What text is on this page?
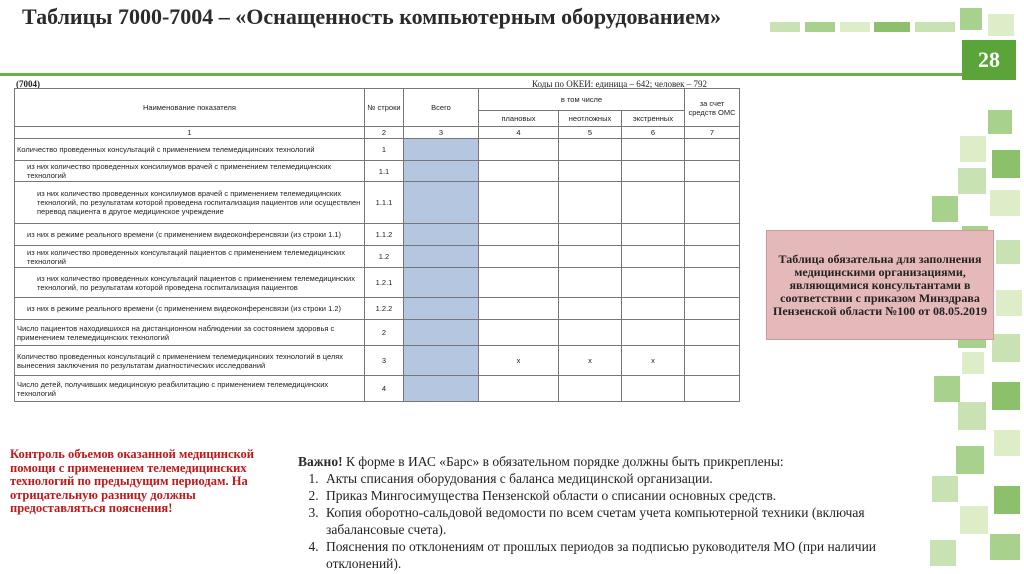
Таблицы 7000-7004 – «Оснащенность компьютерным оборудованием»
28
(7004)	Коды по ОКЕИ: единица – 642; человек – 792
Наименование показателя	№ строки	Всего	в том числе			за счет средств ОМС
			плановых	неотложных	экстренных	
1	2	3	4	5	6	7
Количество проведенных консультаций с применением телемедицинских технологий	1					
из них количество проведенных консилиумов врачей с применением телемедицинских технологий	1.1					
из них количество проведенных консилиумов врачей с применением телемедицинских технологий, по результатам которой проведена госпитализация пациентов или осуществлен перевод пациента в другое медицинское учреждение	1.1.1					
из них в режиме реального времени (с применением видеоконференсвязи (из строки 1.1)	1.1.2					
из них количество проведенных консультаций пациентов с применением телемедицинских технологий	1.2					
из них количество проведенных консультаций пациентов с применением телемедицинских технологий, по результатам которой проведена госпитализация пациентов	1.2.1					
из них в режиме реального времени (с применением видеоконференсвязи (из строки 1.2)	1.2.2					
Число пациентов находившихся на дистанционном наблюдении за состоянием здоровья с применением телемедицинских технологий	2					
Количество проведенных консультаций с применением телемедицинских технологий в целях вынесения заключения по результатам диагностических исследований	3		x	x	x	
Число детей, получивших медицинскую реабилитацию с применением телемедицинских технологий	4					
Таблица обязательна для заполнения медицинскими организациями, являющимися консультантами в соответствии с приказом Минздрава Пензенской области №100 от 08.05.2019
Контроль объемов оказанной медицинской помощи с применением телемедицинских технологий по предыдущим периодам. На отрицательную разницу должны предоставляться пояснения!
Важно! К форме в ИАС «Барс» в обязательном порядке должны быть прикреплены:
1. Акты списания оборудования с баланса медицинской организации.
2. Приказ Мингосимущества Пензенской области о списании основных средств.
3. Копия оборотно-сальдовой ведомости по всем счетам учета компьютерной техники (включая забалансовые счета).
4. Пояснения по отклонениям от прошлых периодов за подписью руководителя МО (при наличии отклонений).
